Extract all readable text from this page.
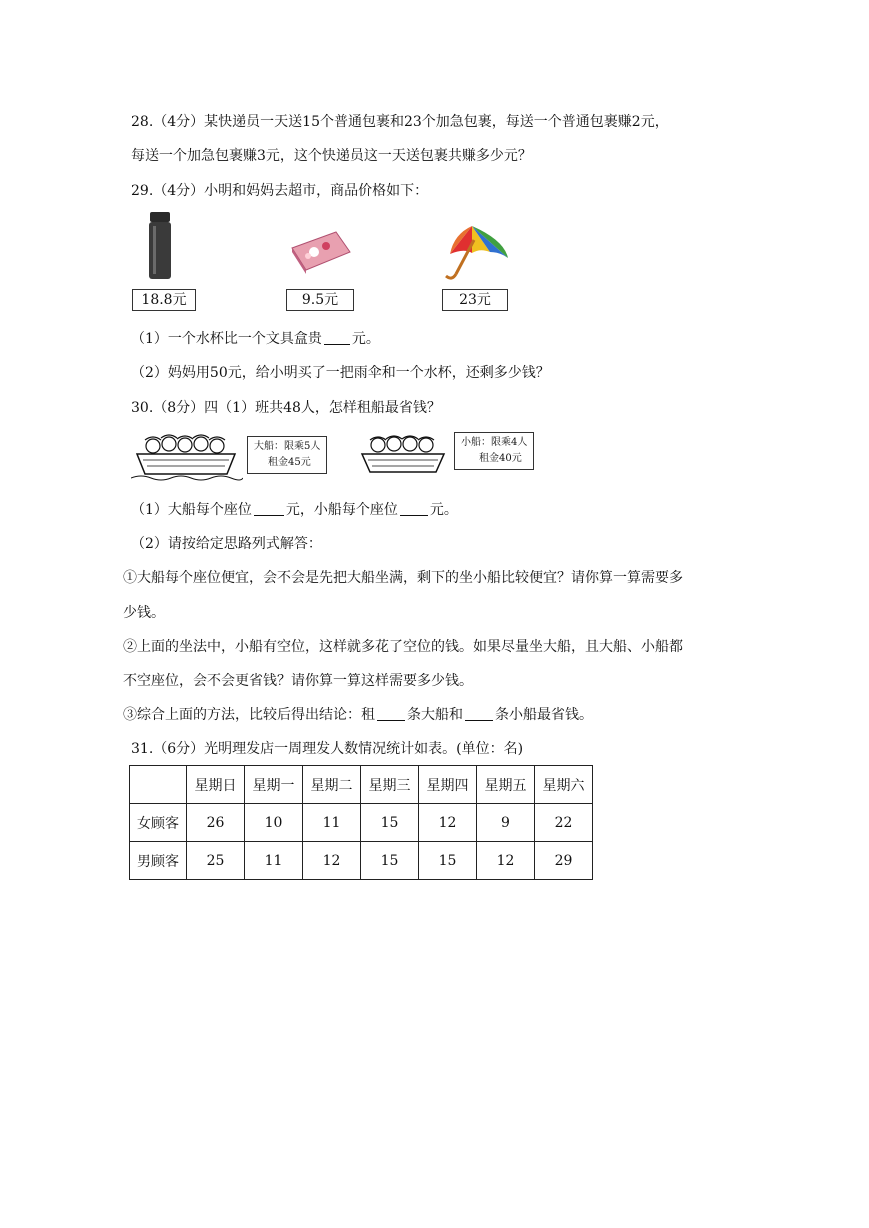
28.（4分）某快递员一天送15个普通包裹和23个加急包裹，每送一个普通包裹赚2元，
每送一个加急包裹赚3元，这个快递员这一天送包裹共赚多少元？
29.（4分）小明和妈妈去超市，商品价格如下：
18.8元	9.5元	23元
（1）一个水杯比一个文具盒贵 元。
（2）妈妈用50元，给小明买了一把雨伞和一个水杯，还剩多少钱？
30.（8分）四（1）班共48人，怎样租船最省钱？
大船：限乘5人
租金45元
小船：限乘4人
租金40元
（1）大船每个座位 元，小船每个座位 元。
（2）请按给定思路列式解答：
①大船每个座位便宜，会不会是先把大船坐满，剩下的坐小船比较便宜？请你算一算需要多
少钱。
②上面的坐法中，小船有空位，这样就多花了空位的钱。如果尽量坐大船，且大船、小船都
不空座位，会不会更省钱？请你算一算这样需要多少钱。
③综合上面的方法，比较后得出结论：租 条大船和 条小船最省钱。
31.（6分）光明理发店一周理发人数情况统计如表。(单位：名)
	星期日	星期一	星期二	星期三	星期四	星期五	星期六
女顾客	26	10	11	15	12	9	22
男顾客	25	11	12	15	15	12	29
